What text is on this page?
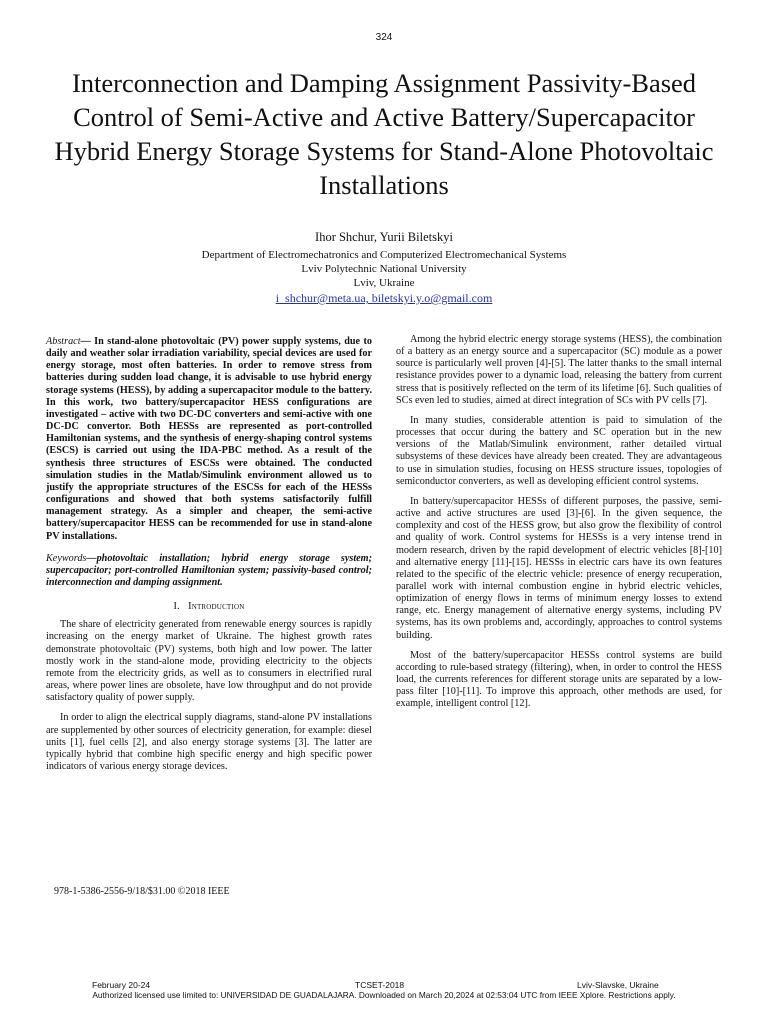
324
Interconnection and Damping Assignment Passivity-Based Control of Semi-Active and Active Battery/Supercapacitor Hybrid Energy Storage Systems for Stand-Alone Photovoltaic Installations
Ihor Shchur, Yurii Biletskyi
Department of Electromechatronics and Computerized Electromechanical Systems
Lviv Polytechnic National University
Lviv, Ukraine
i_shchur@meta.ua, biletskyi.y.o@gmail.com

Abstract— In stand-alone photovoltaic (PV) power supply systems, due to daily and weather solar irradiation variability, special devices are used for energy storage, most often batteries. In order to remove stress from batteries during sudden load change, it is advisable to use hybrid energy storage systems (HESS), by adding a supercapacitor module to the battery. In this work, two battery/supercapacitor HESS configurations are investigated – active with two DC-DC converters and semi-active with one DC-DC convertor. Both HESSs are represented as port-controlled Hamiltonian systems, and the synthesis of energy-shaping control systems (ESCS) is carried out using the IDA-PBC method. As a result of the synthesis three structures of ESCSs were obtained. The conducted simulation studies in the Matlab/Simulink environment allowed us to justify the appropriate structures of the ESCSs for each of the HESSs configurations and showed that both systems satisfactorily fulfill management strategy. As a simpler and cheaper, the semi-active battery/supercapacitor HESS can be recommended for use in stand-alone PV installations.

Keywords—photovoltaic installation; hybrid energy storage system; supercapacitor; port-controlled Hamiltonian system; passivity-based control; interconnection and damping assignment.

I. Introduction

The share of electricity generated from renewable energy sources is rapidly increasing on the energy market of Ukraine. The highest growth rates demonstrate photovoltaic (PV) systems, both high and low power. The latter mostly work in the stand-alone mode, providing electricity to the objects remote from the electricity grids, as well as to consumers in electrified rural areas, where power lines are obsolete, have low throughput and do not provide satisfactory quality of power supply.

In order to align the electrical supply diagrams, stand-alone PV installations are supplemented by other sources of electricity generation, for example: diesel units [1], fuel cells [2], and also energy storage systems [3]. The latter are typically hybrid that combine high specific energy and high specific power indicators of various energy storage devices.

Among the hybrid electric energy storage systems (HESS), the combination of a battery as an energy source and a supercapacitor (SC) module as a power source is particularly well proven [4]-[5]. The latter thanks to the small internal resistance provides power to a dynamic load, releasing the battery from current stress that is positively reflected on the term of its lifetime [6]. Such qualities of SCs even led to studies, aimed at direct integration of SCs with PV cells [7].

In many studies, considerable attention is paid to simulation of the processes that occur during the battery and SC operation but in the new versions of the Matlab/Simulink environment, rather detailed virtual subsystems of these devices have already been created. They are advantageous to use in simulation studies, focusing on HESS structure issues, topologies of semiconductor converters, as well as developing efficient control systems.

In battery/supercapacitor HESSs of different purposes, the passive, semi-active and active structures are used [3]-[6]. In the given sequence, the complexity and cost of the HESS grow, but also grow the flexibility of control and quality of work. Control systems for HESSs is a very intense trend in modern research, driven by the rapid development of electric vehicles [8]-[10] and alternative energy [11]-[15]. HESSs in electric cars have its own features related to the specific of the electric vehicle: presence of energy recuperation, parallel work with internal combustion engine in hybrid electric vehicles, optimization of energy flows in terms of minimum energy losses to extend range, etc. Energy management of alternative energy systems, including PV systems, has its own problems and, accordingly, approaches to control systems building.

Most of the battery/supercapacitor HESSs control systems are build according to rule-based strategy (filtering), when, in order to control the HESS load, the currents references for different storage units are separated by a low-pass filter [10]-[11]. To improve this approach, other methods are used, for example, intelligent control [12].

978-1-5386-2556-9/18/$31.00 ©2018 IEEE
February 20-24	TCSET-2018	Lviv-Slavske, Ukraine
Authorized licensed use limited to: UNIVERSIDAD DE GUADALAJARA. Downloaded on March 20,2024 at 02:53:04 UTC from IEEE Xplore. Restrictions apply.
